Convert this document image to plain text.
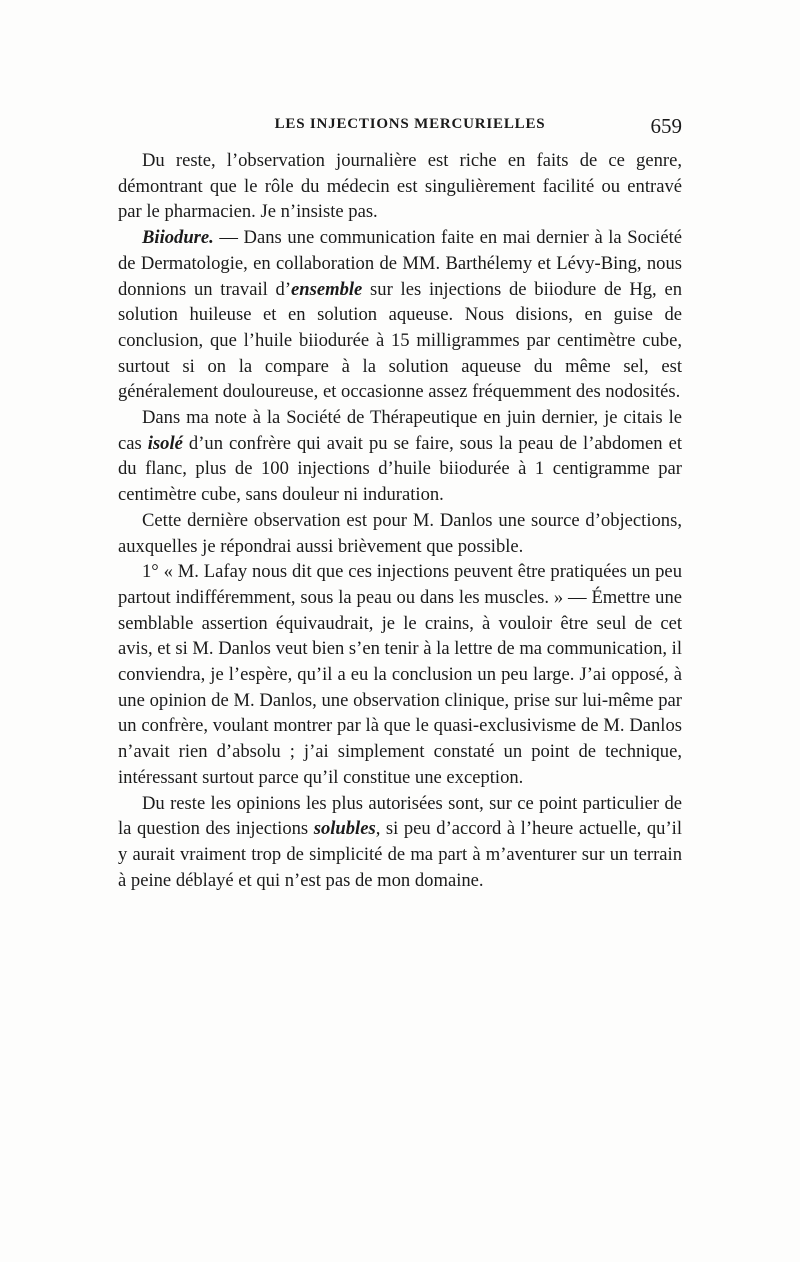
LES INJECTIONS MERCURIELLES	659

Du reste, l’observation journalière est riche en faits de ce genre, démontrant que le rôle du médecin est singulièrement facilité ou entravé par le pharmacien. Je n’insiste pas.

Biiodure. — Dans une communication faite en mai dernier à la Société de Dermatologie, en collaboration de MM. Barthélemy et Lévy-Bing, nous donnions un travail d’ensemble sur les injections de biiodure de Hg, en solution huileuse et en solution aqueuse. Nous disions, en guise de conclusion, que l’huile biiodurée à 15 milligrammes par centimètre cube, surtout si on la compare à la solution aqueuse du même sel, est généralement douloureuse, et occasionne assez fréquemment des nodosités.

Dans ma note à la Société de Thérapeutique en juin dernier, je citais le cas isolé d’un confrère qui avait pu se faire, sous la peau de l’abdomen et du flanc, plus de 100 injections d’huile biiodurée à 1 centigramme par centimètre cube, sans douleur ni induration.

Cette dernière observation est pour M. Danlos une source d’objections, auxquelles je répondrai aussi brièvement que possible.

1° « M. Lafay nous dit que ces injections peuvent être pratiquées un peu partout indifféremment, sous la peau ou dans les muscles. » — Émettre une semblable assertion équivaudrait, je le crains, à vouloir être seul de cet avis, et si M. Danlos veut bien s’en tenir à la lettre de ma communication, il conviendra, je l’espère, qu’il a eu la conclusion un peu large. J’ai opposé, à une opinion de M. Danlos, une observation clinique, prise sur lui-même par un confrère, voulant montrer par là que le quasi-exclusivisme de M. Danlos n’avait rien d’absolu ; j’ai simplement constaté un point de technique, intéressant surtout parce qu’il constitue une exception.

Du reste les opinions les plus autorisées sont, sur ce point particulier de la question des injections solubles, si peu d’accord à l’heure actuelle, qu’il y aurait vraiment trop de simplicité de ma part à m’aventurer sur un terrain à peine déblayé et qui n’est pas de mon domaine.
